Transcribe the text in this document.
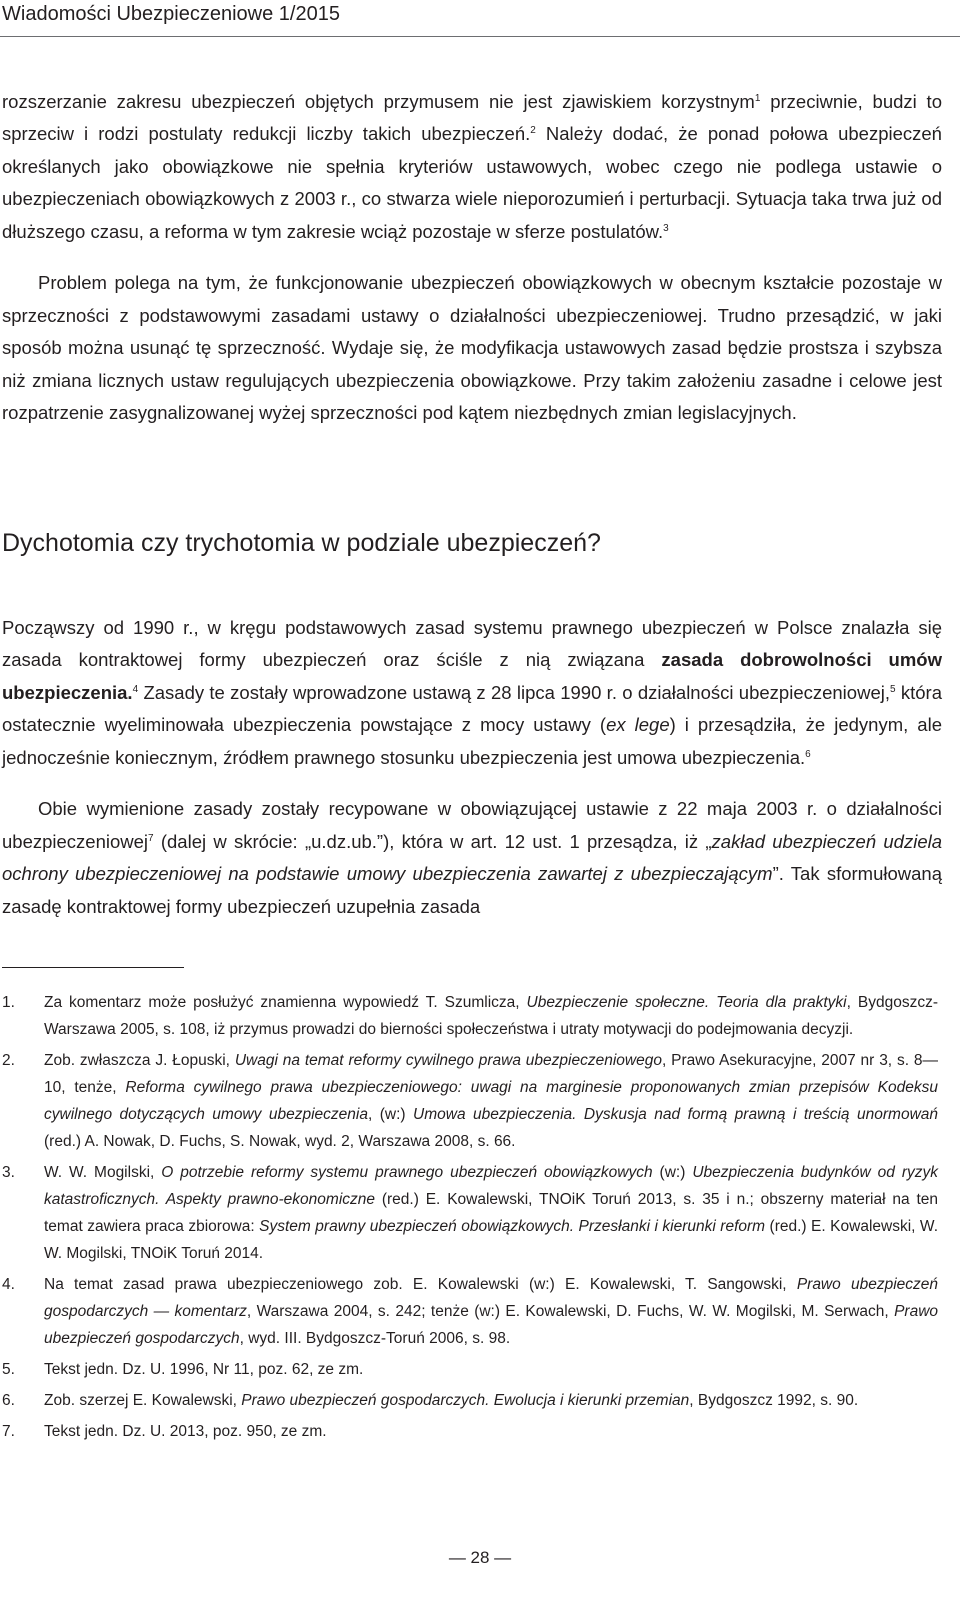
Wiadomości Ubezpieczeniowe 1/2015

rozszerzanie zakresu ubezpieczeń objętych przymusem nie jest zjawiskiem korzystnym$^1$ przeciwnie, budzi to sprzeciw i rodzi postulaty redukcji liczby takich ubezpieczeń.$^2$ Należy dodać, że ponad połowa ubezpieczeń określanych jako obowiązkowe nie spełnia kryteriów ustawowych, wobec czego nie podlega ustawie o ubezpieczeniach obowiązkowych z 2003 r., co stwarza wiele nieporozumień i perturbacji. Sytuacja taka trwa już od dłuższego czasu, a reforma w tym zakresie wciąż pozostaje w sferze postulatów.$^3$

Problem polega na tym, że funkcjonowanie ubezpieczeń obowiązkowych w obecnym kształcie pozostaje w sprzeczności z podstawowymi zasadami ustawy o działalności ubezpieczeniowej. Trudno przesądzić, w jaki sposób można usunąć tę sprzeczność. Wydaje się, że modyfikacja ustawowych zasad będzie prostsza i szybsza niż zmiana licznych ustaw regulujących ubezpieczenia obowiązkowe. Przy takim założeniu zasadne i celowe jest rozpatrzenie zasygnalizowanej wyżej sprzeczności pod kątem niezbędnych zmian legislacyjnych.

Dychotomia czy trychotomia w podziale ubezpieczeń?

Począwszy od 1990 r., w kręgu podstawowych zasad systemu prawnego ubezpieczeń w Polsce znalazła się zasada kontraktowej formy ubezpieczeń oraz ściśle z nią związana zasada dobrowolności umów ubezpieczenia.$^4$ Zasady te zostały wprowadzone ustawą z 28 lipca 1990 r. o działalności ubezpieczeniowej,$^5$ która ostatecznie wyeliminowała ubezpieczenia powstające z mocy ustawy (ex lege) i przesądziła, że jedynym, ale jednocześnie koniecznym, źródłem prawnego stosunku ubezpieczenia jest umowa ubezpieczenia.$^6$

Obie wymienione zasady zostały recypowane w obowiązującej ustawie z 22 maja 2003 r. o działalności ubezpieczeniowej$^7$ (dalej w skrócie: „u.dz.ub.”), która w art. 12 ust. 1 przesądza, iż „zakład ubezpieczeń udziela ochrony ubezpieczeniowej na podstawie umowy ubezpieczenia zawartej z ubezpieczającym”. Tak sformułowaną zasadę kontraktowej formy ubezpieczeń uzupełnia zasada

1. Za komentarz może posłużyć znamienna wypowiedź T. Szumlicza, Ubezpieczenie społeczne. Teoria dla praktyki, Bydgoszcz-Warszawa 2005, s. 108, iż przymus prowadzi do bierności społeczeństwa i utraty motywacji do podejmowania decyzji.
2. Zob. zwłaszcza J. Łopuski, Uwagi na temat reformy cywilnego prawa ubezpieczeniowego, Prawo Asekuracyjne, 2007 nr 3, s. 8—10, tenże, Reforma cywilnego prawa ubezpieczeniowego: uwagi na marginesie proponowanych zmian przepisów Kodeksu cywilnego dotyczących umowy ubezpieczenia, (w:) Umowa ubezpieczenia. Dyskusja nad formą prawną i treścią unormowań (red.) A. Nowak, D. Fuchs, S. Nowak, wyd. 2, Warszawa 2008, s. 66.
3. W. W. Mogilski, O potrzebie reformy systemu prawnego ubezpieczeń obowiązkowych (w:) Ubezpieczenia budynków od ryzyk katastroficznych. Aspekty prawno-ekonomiczne (red.) E. Kowalewski, TNOiK Toruń 2013, s. 35 i n.; obszerny materiał na ten temat zawiera praca zbiorowa: System prawny ubezpieczeń obowiązkowych. Przesłanki i kierunki reform (red.) E. Kowalewski, W. W. Mogilski, TNOiK Toruń 2014.
4. Na temat zasad prawa ubezpieczeniowego zob. E. Kowalewski (w:) E. Kowalewski, T. Sangowski, Prawo ubezpieczeń gospodarczych — komentarz, Warszawa 2004, s. 242; tenże (w:) E. Kowalewski, D. Fuchs, W. W. Mogilski, M. Serwach, Prawo ubezpieczeń gospodarczych, wyd. III. Bydgoszcz-Toruń 2006, s. 98.
5. Tekst jedn. Dz. U. 1996, Nr 11, poz. 62, ze zm.
6. Zob. szerzej E. Kowalewski, Prawo ubezpieczeń gospodarczych. Ewolucja i kierunki przemian, Bydgoszcz 1992, s. 90.
7. Tekst jedn. Dz. U. 2013, poz. 950, ze zm.
— 28 —
